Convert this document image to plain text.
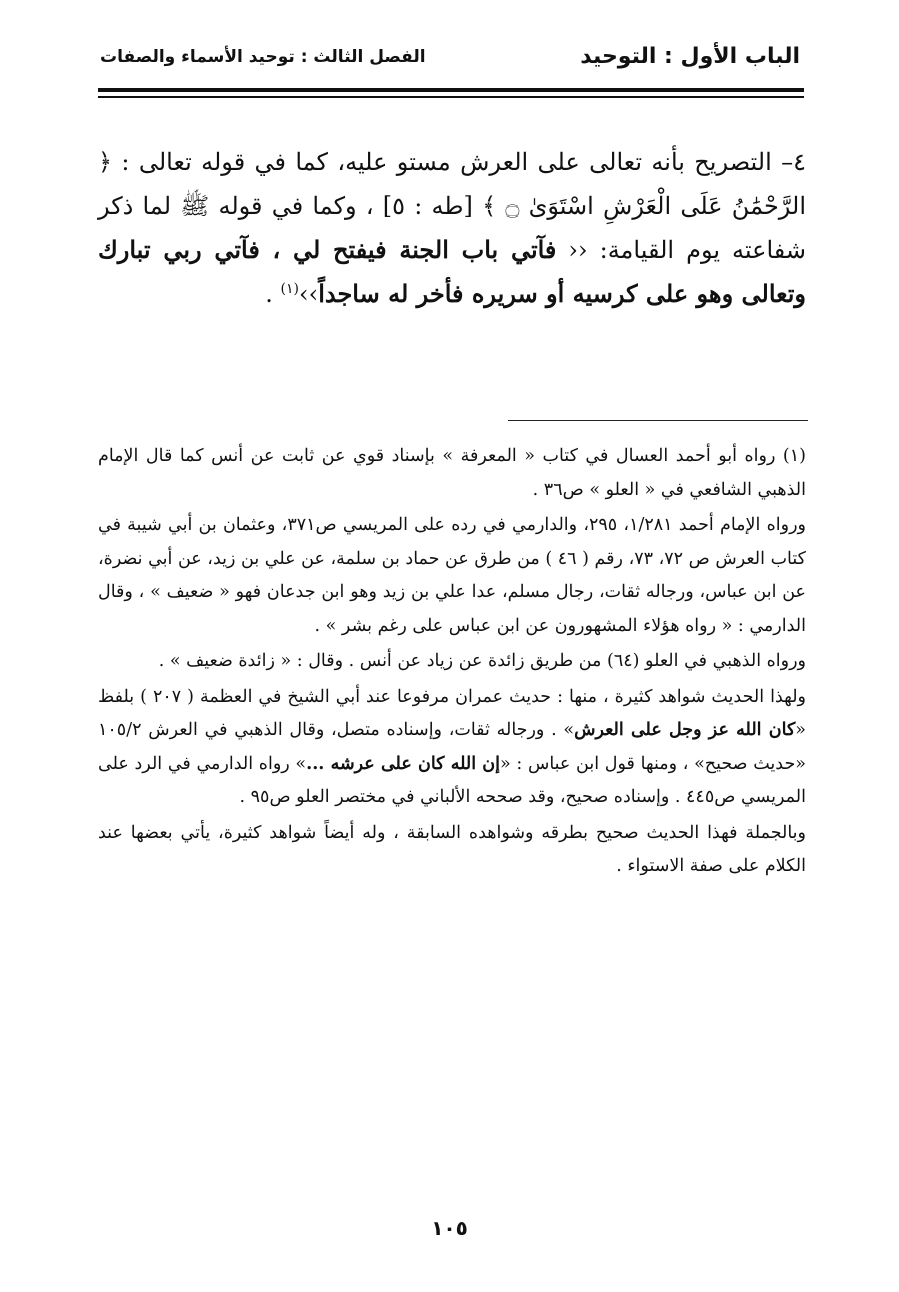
الباب الأول : التوحيد
الفصل الثالث : توحيد الأسماء والصفات

٤– التصريح بأنه تعالى على العرش مستو عليه، كما في قوله تعالى : ﴿ الرَّحْمَٰنُ عَلَى الْعَرْشِ اسْتَوَىٰ ۝ ﴾ [طه : ٥] ، وكما في قوله ﷺ لما ذكر شفاعته يوم القيامة: ‹‹ فآتي باب الجنة فيفتح لي ، فآتي ربي تبارك وتعالى وهو على كرسيه أو سريره فأخر له ساجداً››$^{(١)}$ .

(١) رواه أبو أحمد العسال في كتاب « المعرفة » بإسناد قوي عن ثابت عن أنس كما قال الإمام الذهبي الشافعي في « العلو » ص٣٦ .

ورواه الإمام أحمد ١/٢٨١، ٢٩٥، والدارمي في رده على المريسي ص٣٧١، وعثمان بن أبي شيبة في كتاب العرش ص ٧٢، ٧٣، رقم ( ٤٦ ) من طرق عن حماد بن سلمة، عن علي بن زيد، عن أبي نضرة، عن ابن عباس، ورجاله ثقات، رجال مسلم، عدا علي بن زيد وهو ابن جدعان فهو « ضعيف » ، وقال الدارمي : « رواه هؤلاء المشهورون عن ابن عباس على رغم بشر » .

ورواه الذهبي في العلو (٦٤) من طريق زائدة عن زياد عن أنس . وقال : « زائدة ضعيف » .

ولهذا الحديث شواهد كثيرة ، منها : حديث عمران مرفوعا عند أبي الشيخ في العظمة ( ٢٠٧ ) بلفظ «كان الله عز وجل على العرش» . ورجاله ثقات، وإسناده متصل، وقال الذهبي في العرش ١٠٥/٢ «حديث صحيح» ، ومنها قول ابن عباس : «إن الله كان على عرشه ...» رواه الدارمي في الرد على المريسي ص٤٤٥ . وإسناده صحيح، وقد صححه الألباني في مختصر العلو ص٩٥ .

وبالجملة فهذا الحديث صحيح بطرقه وشواهده السابقة ، وله أيضاً شواهد كثيرة، يأتي بعضها عند الكلام على صفة الاستواء .

١٠٥
